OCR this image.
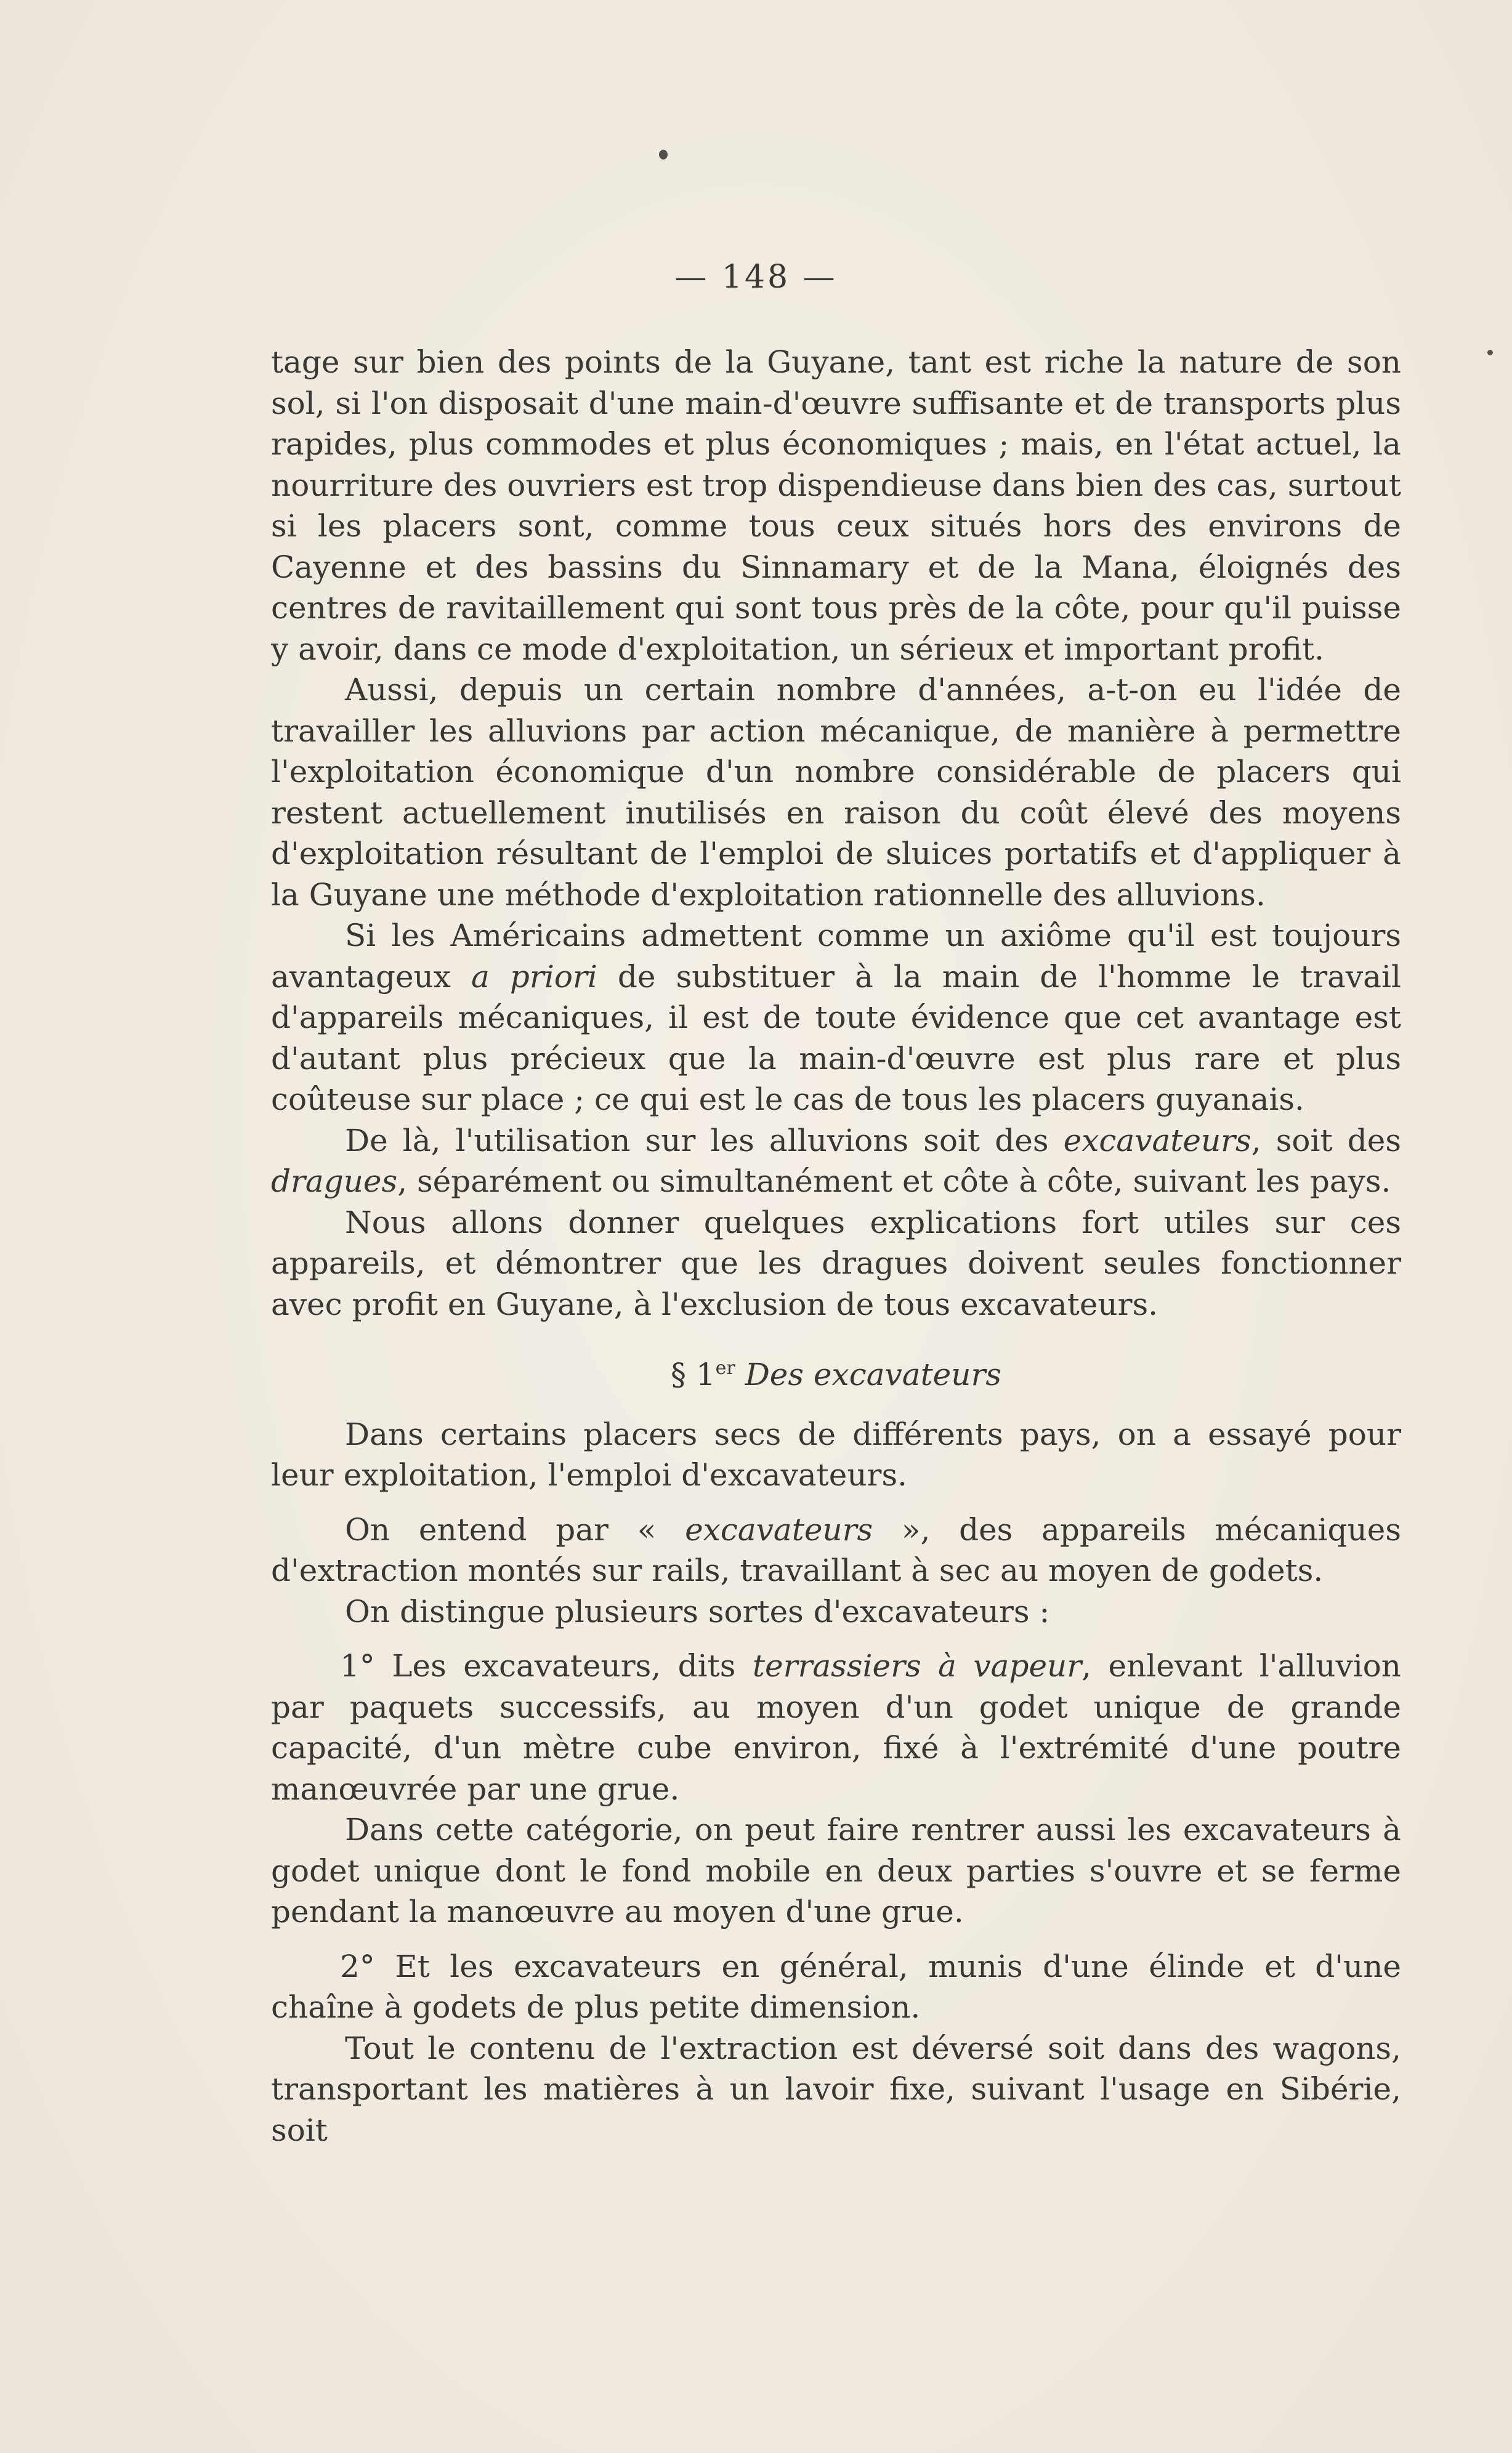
— 148 —

tage sur bien des points de la Guyane, tant est riche la nature de son sol, si l'on disposait d'une main-d'œuvre suffisante et de transports plus rapides, plus commodes et plus économiques ; mais, en l'état actuel, la nourriture des ouvriers est trop dispendieuse dans bien des cas, surtout si les placers sont, comme tous ceux situés hors des environs de Cayenne et des bassins du Sinnamary et de la Mana, éloignés des centres de ravitaillement qui sont tous près de la côte, pour qu'il puisse y avoir, dans ce mode d'exploitation, un sérieux et important profit.

Aussi, depuis un certain nombre d'années, a-t-on eu l'idée de travailler les alluvions par action mécanique, de manière à permettre l'exploitation économique d'un nombre considérable de placers qui restent actuellement inutilisés en raison du coût élevé des moyens d'exploitation résultant de l'emploi de sluices portatifs et d'appliquer à la Guyane une méthode d'exploitation rationnelle des alluvions.

Si les Américains admettent comme un axiôme qu'il est toujours avantageux a priori de substituer à la main de l'homme le travail d'appareils mécaniques, il est de toute évidence que cet avantage est d'autant plus précieux que la main-d'œuvre est plus rare et plus coûteuse sur place ; ce qui est le cas de tous les placers guyanais.

De là, l'utilisation sur les alluvions soit des excavateurs, soit des dragues, séparément ou simultanément et côte à côte, suivant les pays.

Nous allons donner quelques explications fort utiles sur ces appareils, et démontrer que les dragues doivent seules fonctionner avec profit en Guyane, à l'exclusion de tous excavateurs.

§ 1er Des excavateurs

Dans certains placers secs de différents pays, on a essayé pour leur exploitation, l'emploi d'excavateurs.

On entend par « excavateurs », des appareils mécaniques d'extraction montés sur rails, travaillant à sec au moyen de godets.

On distingue plusieurs sortes d'excavateurs :

1° Les excavateurs, dits terrassiers à vapeur, enlevant l'alluvion par paquets successifs, au moyen d'un godet unique de grande capacité, d'un mètre cube environ, fixé à l'extrémité d'une poutre manœuvrée par une grue.

Dans cette catégorie, on peut faire rentrer aussi les excavateurs à godet unique dont le fond mobile en deux parties s'ouvre et se ferme pendant la manœuvre au moyen d'une grue.

2° Et les excavateurs en général, munis d'une élinde et d'une chaîne à godets de plus petite dimension.

Tout le contenu de l'extraction est déversé soit dans des wagons, transportant les matières à un lavoir fixe, suivant l'usage en Sibérie, soit
